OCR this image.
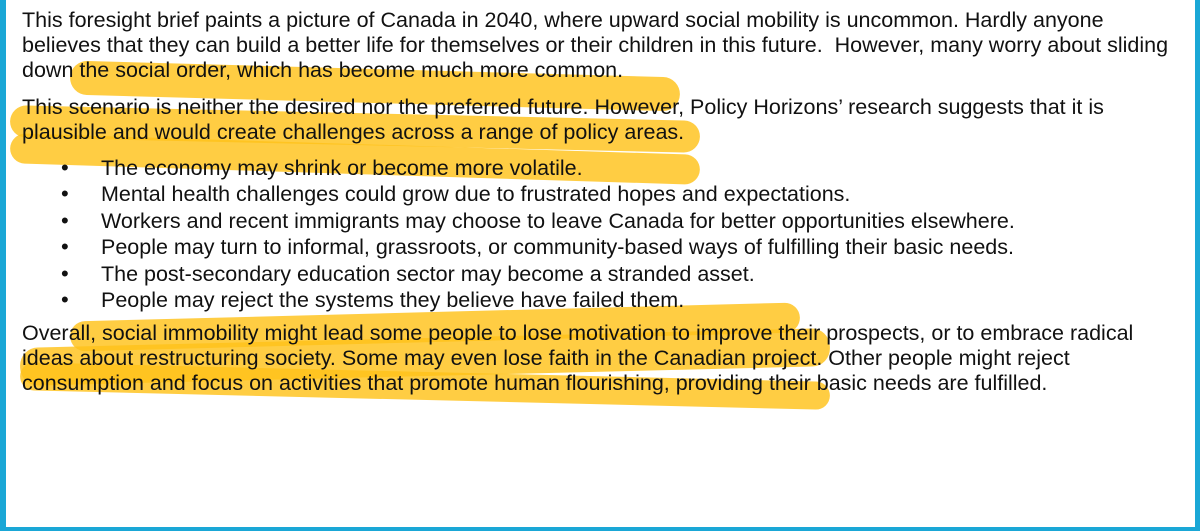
This foresight brief paints a picture of Canada in 2040, where upward social mobility is uncommon. Hardly anyone believes that they can build a better life for themselves or their children in this future.  However, many worry about sliding down the social order, which has become much more common.

This scenario is neither the desired nor the preferred future. However, Policy Horizons’ research suggests that it is plausible and would create challenges across a range of policy areas.

• The economy may shrink or become more volatile.
• Mental health challenges could grow due to frustrated hopes and expectations.
• Workers and recent immigrants may choose to leave Canada for better opportunities elsewhere.
• People may turn to informal, grassroots, or community-based ways of fulfilling their basic needs.
• The post-secondary education sector may become a stranded asset.
• People may reject the systems they believe have failed them.

Overall, social immobility might lead some people to lose motivation to improve their prospects, or to embrace radical ideas about restructuring society. Some may even lose faith in the Canadian project. Other people might reject consumption and focus on activities that promote human flourishing, providing their basic needs are fulfilled.
